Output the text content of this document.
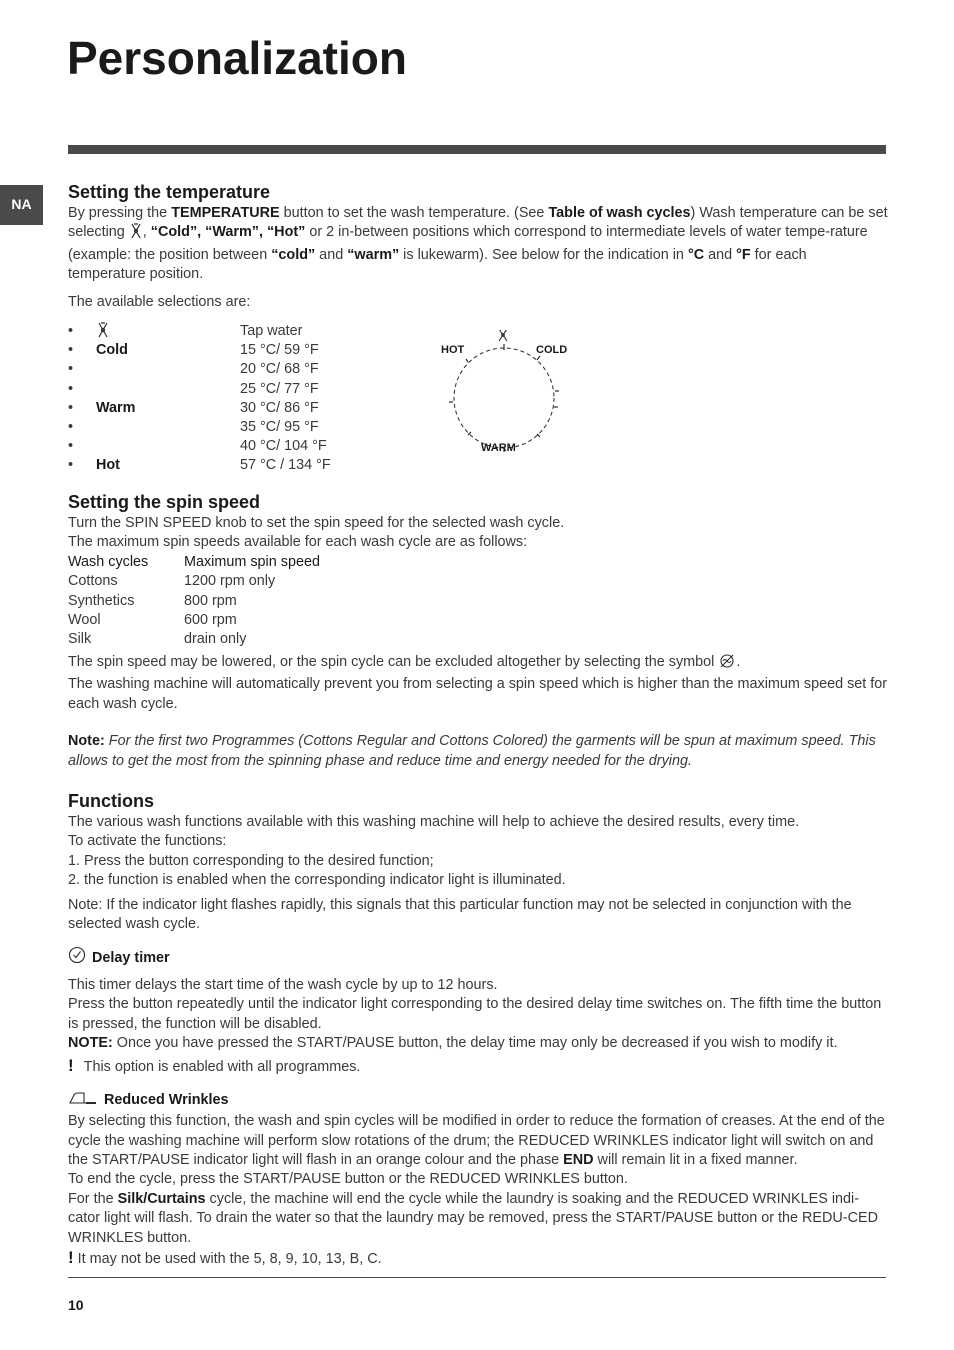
Personalization
NA
Setting the temperature

By pressing the TEMPERATURE button to set the wash temperature. (See Table of wash cycles) Wash temperature can be set selecting , “Cold”, “Warm”, “Hot” or 2 in-between positions which correspond to intermediate levels of water tempe-rature (example: the position between “cold” and “warm” is lukewarm). See below for the indication in °C and °F for each temperature position.

The available selections are:

•	Tap water
• Cold	15 °C/ 59 °F
•	20 °C/ 68 °F
•	25 °C/ 77 °F
• Warm	30 °C/ 86 °F
•	35 °C/ 95 °F
•	40 °C/ 104 °F
• Hot	57 °C / 134 °F
HOT	COLD
WARM
Setting the spin speed

Turn the SPIN SPEED knob to set the spin speed for the selected wash cycle.

The maximum spin speeds available for each wash cycle are as follows:

Wash cycles	Maximum spin speed
Cottons	1200 rpm only
Synthetics	800 rpm
Wool	600 rpm
Silk	drain only

The spin speed may be lowered, or the spin cycle can be excluded altogether by selecting the symbol .

The washing machine will automatically prevent you from selecting a spin speed which is higher than the maximum speed set for each wash cycle.

Note: For the first two Programmes (Cottons Regular and Cottons Colored) the garments will be spun at maximum speed. This allows to get the most from the spinning phase and reduce time and energy needed for the drying.

Functions

The various wash functions available with this washing machine will help to achieve the desired results, every time.

To activate the functions:

1. Press the button corresponding to the desired function;

2. the function is enabled when the corresponding indicator light is illuminated.

Note: If the indicator light flashes rapidly, this signals that this particular function may not be selected in conjunction with the selected wash cycle.

Delay timer

This timer delays the start time of the wash cycle by up to 12 hours.

Press the button repeatedly until the indicator light corresponding to the desired delay time switches on. The fifth time the button is pressed, the function will be disabled.

NOTE: Once you have pressed the START/PAUSE button, the delay time may only be decreased if you wish to modify it.

! This option is enabled with all programmes.
Reduced Wrinkles

By selecting this function, the wash and spin cycles will be modified in order to reduce the formation of creases. At the end of the cycle the washing machine will perform slow rotations of the drum; the REDUCED WRINKLES indicator light will switch on and the START/PAUSE indicator light will flash in an orange colour and the phase END will remain lit in a fixed manner.

To end the cycle, press the START/PAUSE button or the REDUCED WRINKLES button.

For the Silk/Curtains cycle, the machine will end the cycle while the laundry is soaking and the REDUCED WRINKLES indi-cator light will flash. To drain the water so that the laundry may be removed, press the START/PAUSE button or the REDU-CED WRINKLES button.

! It may not be used with the 5, 8, 9, 10, 13, B, C.

10
